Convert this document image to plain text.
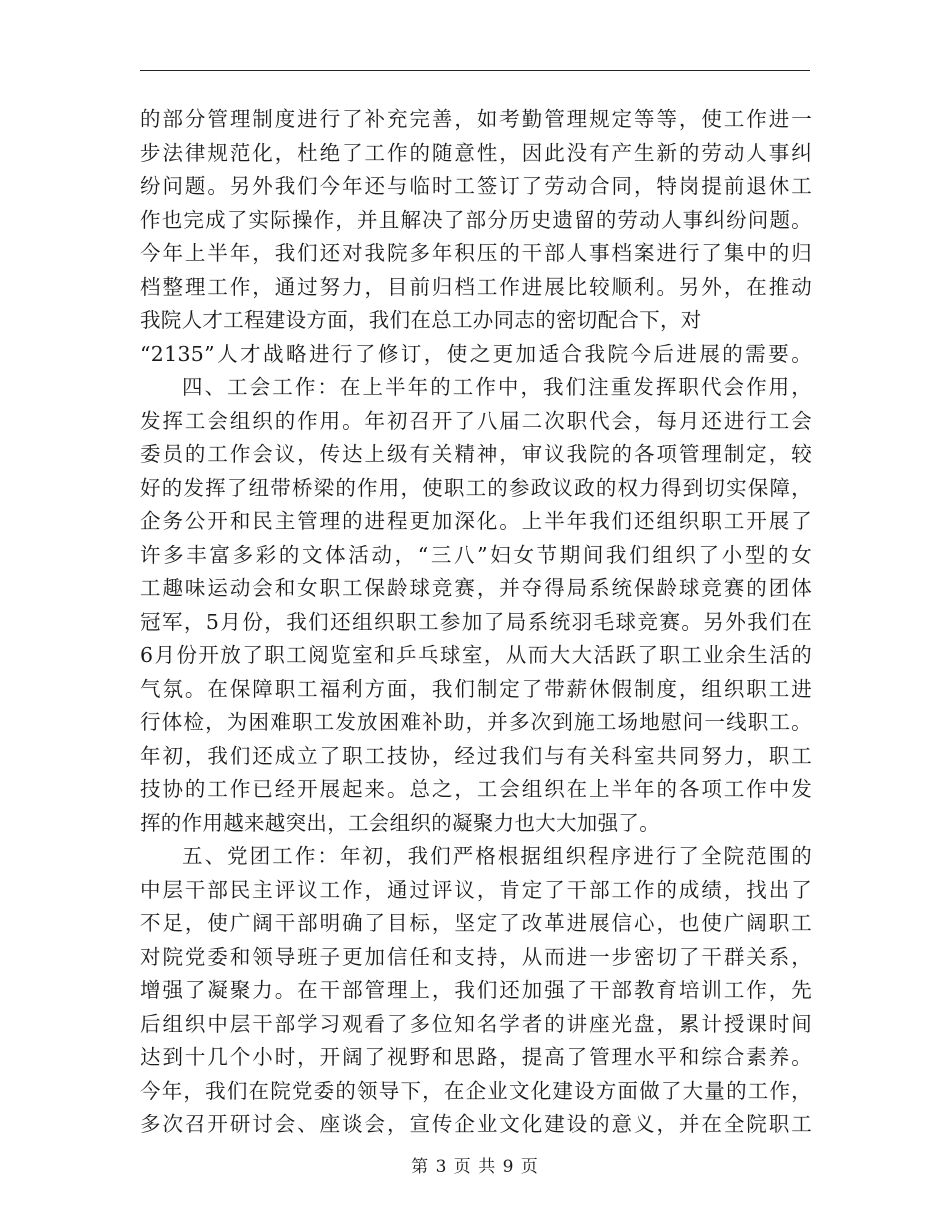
的部分管理制度进行了补充完善，如考勤管理规定等等，使工作进一
步法律规范化，杜绝了工作的随意性，因此没有产生新的劳动人事纠
纷问题。另外我们今年还与临时工签订了劳动合同，特岗提前退休工
作也完成了实际操作，并且解决了部分历史遗留的劳动人事纠纷问题。
今年上半年，我们还对我院多年积压的干部人事档案进行了集中的归
档整理工作，通过努力，目前归档工作进展比较顺利。另外，在推动
我院人才工程建设方面，我们在总工办同志的密切配合下，对
“2135”人才战略进行了修订，使之更加适合我院今后进展的需要。
四、工会工作：在上半年的工作中，我们注重发挥职代会作用，
发挥工会组织的作用。年初召开了八届二次职代会，每月还进行工会
委员的工作会议，传达上级有关精神，审议我院的各项管理制定，较
好的发挥了纽带桥梁的作用，使职工的参政议政的权力得到切实保障，
企务公开和民主管理的进程更加深化。上半年我们还组织职工开展了
许多丰富多彩的文体活动，“三八”妇女节期间我们组织了小型的女
工趣味运动会和女职工保龄球竞赛，并夺得局系统保龄球竞赛的团体
冠军，5月份，我们还组织职工参加了局系统羽毛球竞赛。另外我们在
6月份开放了职工阅览室和乒乓球室，从而大大活跃了职工业余生活的
气氛。在保障职工福利方面，我们制定了带薪休假制度，组织职工进
行体检，为困难职工发放困难补助，并多次到施工场地慰问一线职工。
年初，我们还成立了职工技协，经过我们与有关科室共同努力，职工
技协的工作已经开展起来。总之，工会组织在上半年的各项工作中发
挥的作用越来越突出，工会组织的凝聚力也大大加强了。
五、党团工作：年初，我们严格根据组织程序进行了全院范围的
中层干部民主评议工作，通过评议，肯定了干部工作的成绩，找出了
不足，使广阔干部明确了目标，坚定了改革进展信心，也使广阔职工
对院党委和领导班子更加信任和支持，从而进一步密切了干群关系，
增强了凝聚力。在干部管理上，我们还加强了干部教育培训工作，先
后组织中层干部学习观看了多位知名学者的讲座光盘，累计授课时间
达到十几个小时，开阔了视野和思路，提高了管理水平和综合素养。
今年，我们在院党委的领导下，在企业文化建设方面做了大量的工作，
多次召开研讨会、座谈会，宣传企业文化建设的意义，并在全院职工
第 3 页 共 9 页
